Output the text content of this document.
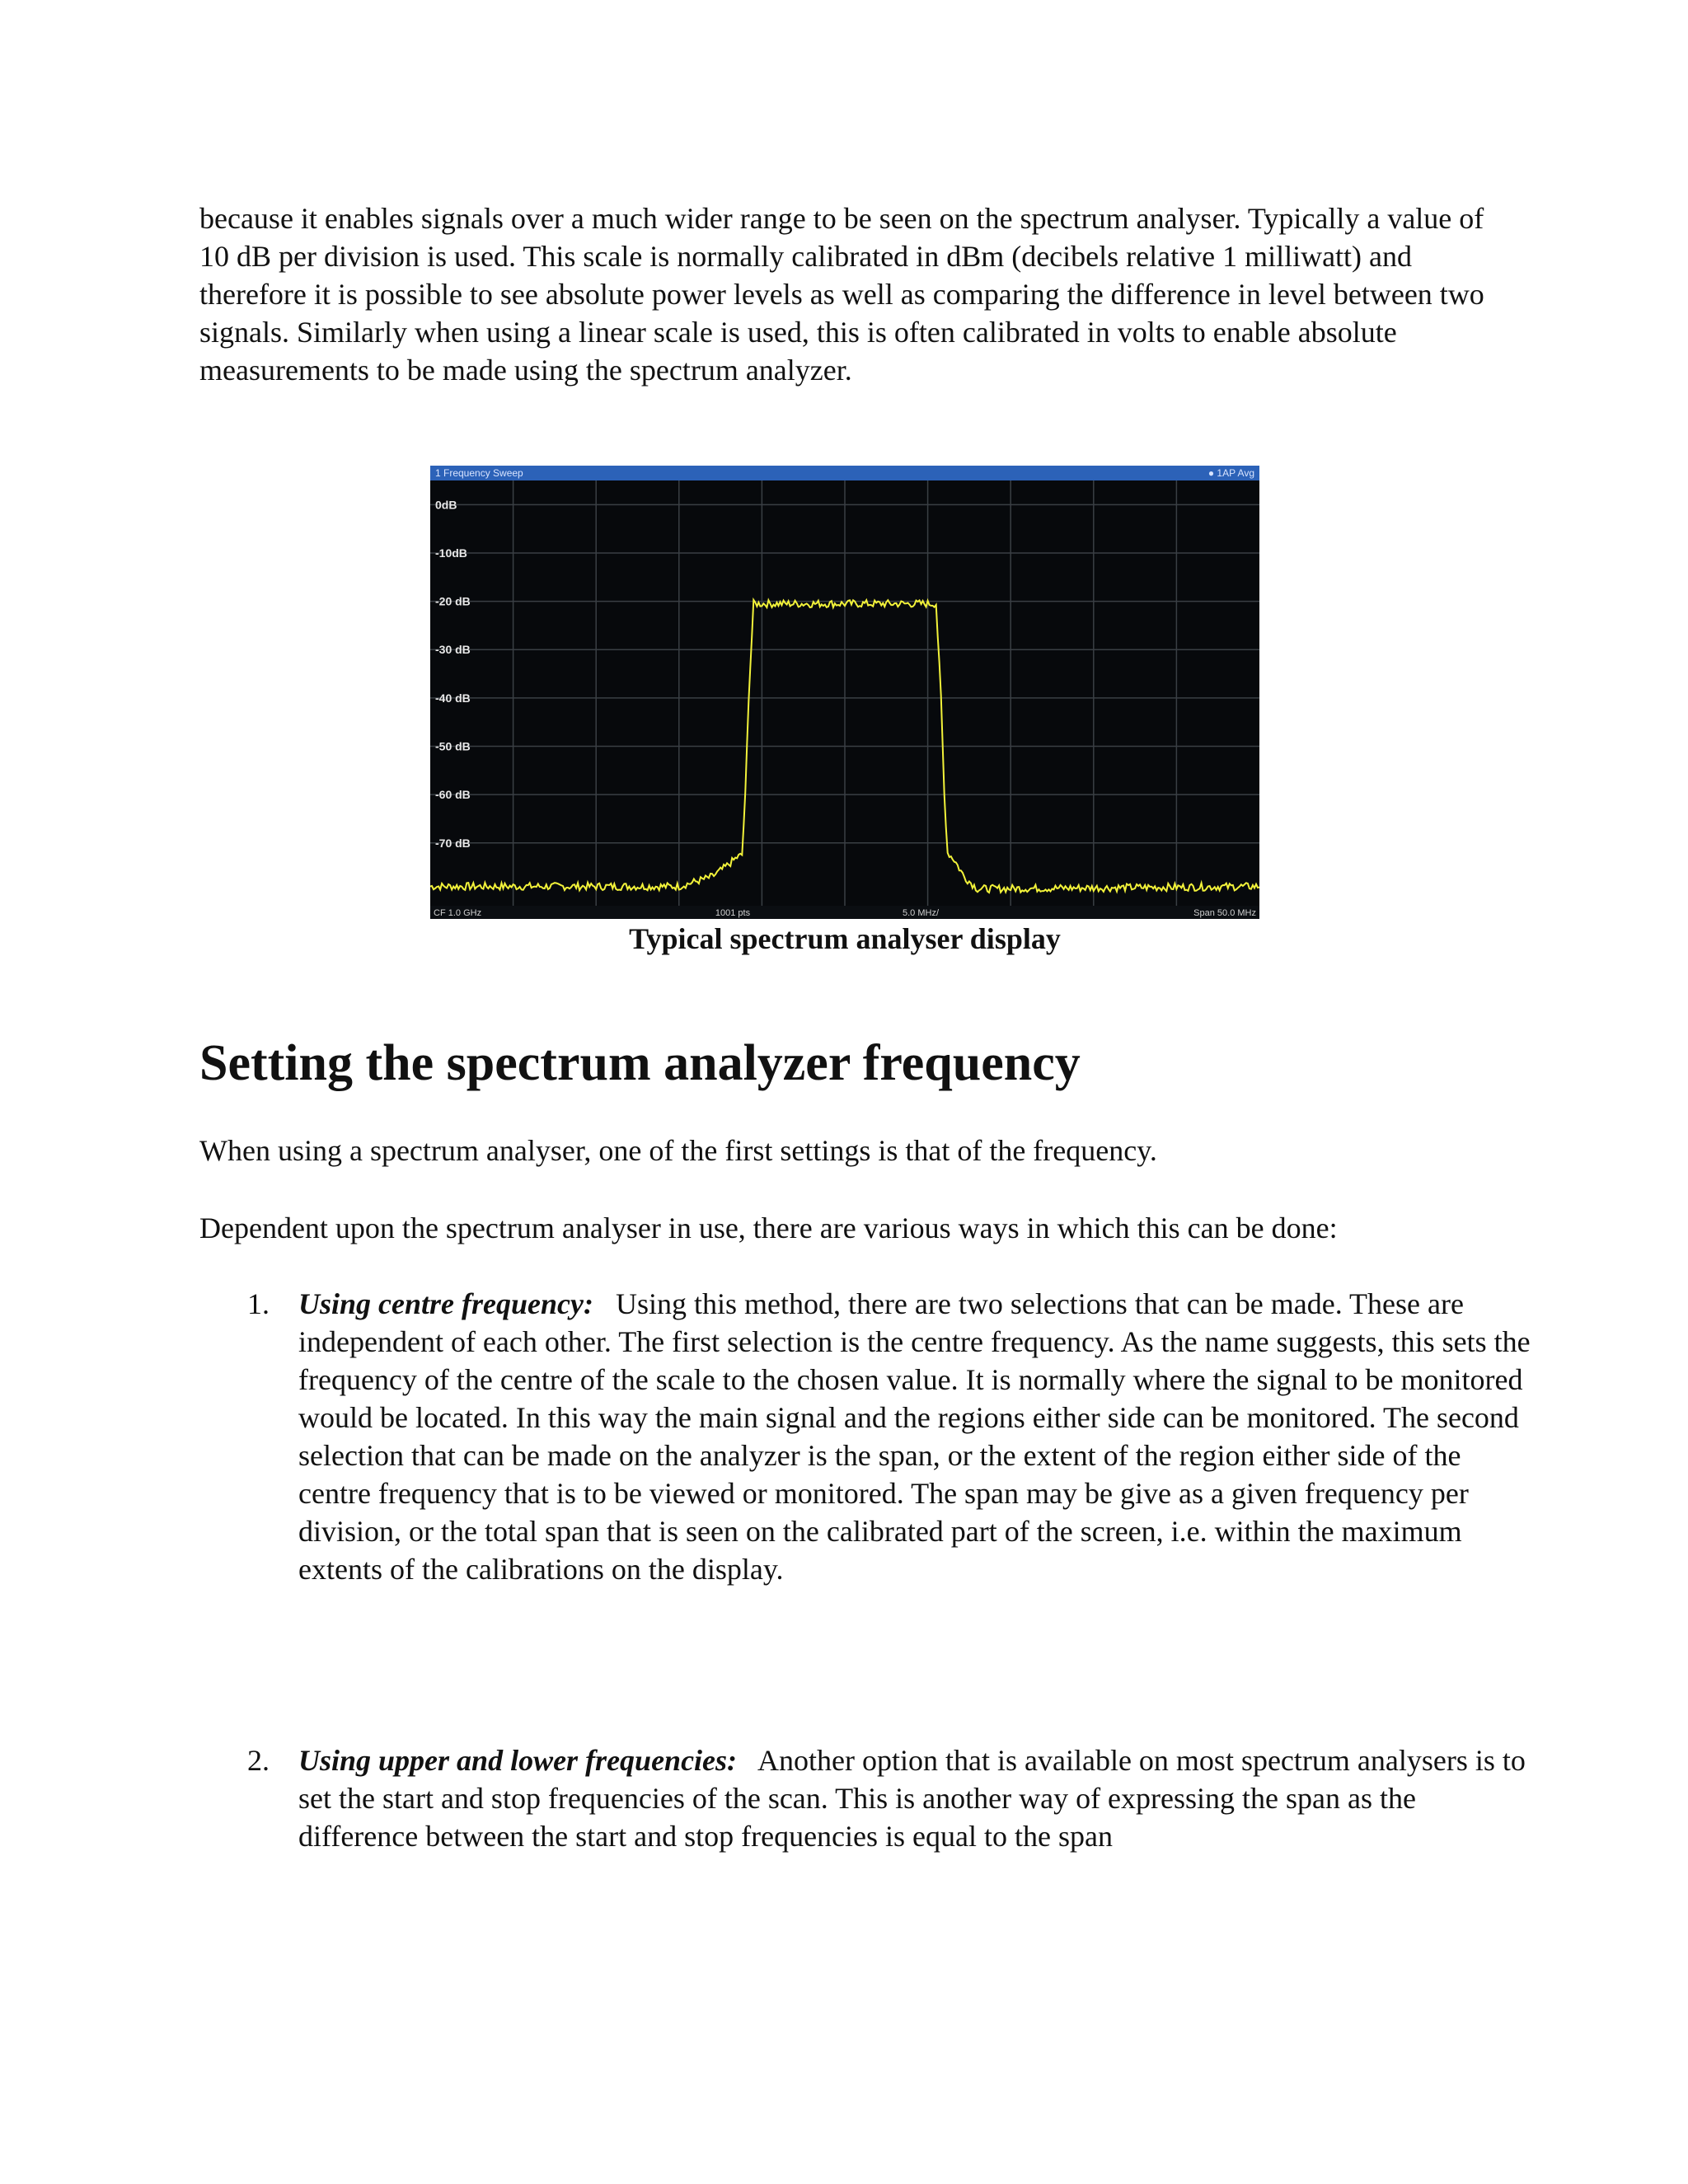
because it enables signals over a much wider range to be seen on the spectrum analyser. Typically a value of 10 dB per division is used. This scale is normally calibrated in dBm (decibels relative 1 milliwatt) and therefore it is possible to see absolute power levels as well as comparing the difference in level between two signals. Similarly when using a linear scale is used, this is often calibrated in volts to enable absolute measurements to be made using the spectrum analyzer.

1 Frequency Sweep	● 1AP Avg
0dB
-10dB
-20 dB
-30 dB
-40 dB
-50 dB
-60 dB
-70 dB
CF 1.0 GHz	1001 pts	5.0 MHz/	Span 50.0 MHz

Typical spectrum analyser display

Setting the spectrum analyzer frequency

When using a spectrum analyser, one of the first settings is that of the frequency.

Dependent upon the spectrum analyser in use, there are various ways in which this can be done:

1. Using centre frequency: Using this method, there are two selections that can be made. These are independent of each other. The first selection is the centre frequency. As the name suggests, this sets the frequency of the centre of the scale to the chosen value. It is normally where the signal to be monitored would be located. In this way the main signal and the regions either side can be monitored. The second selection that can be made on the analyzer is the span, or the extent of the region either side of the centre frequency that is to be viewed or monitored. The span may be give as a given frequency per division, or the total span that is seen on the calibrated part of the screen, i.e. within the maximum extents of the calibrations on the display.

2. Using upper and lower frequencies: Another option that is available on most spectrum analysers is to set the start and stop frequencies of the scan. This is another way of expressing the span as the difference between the start and stop frequencies is equal to the span
